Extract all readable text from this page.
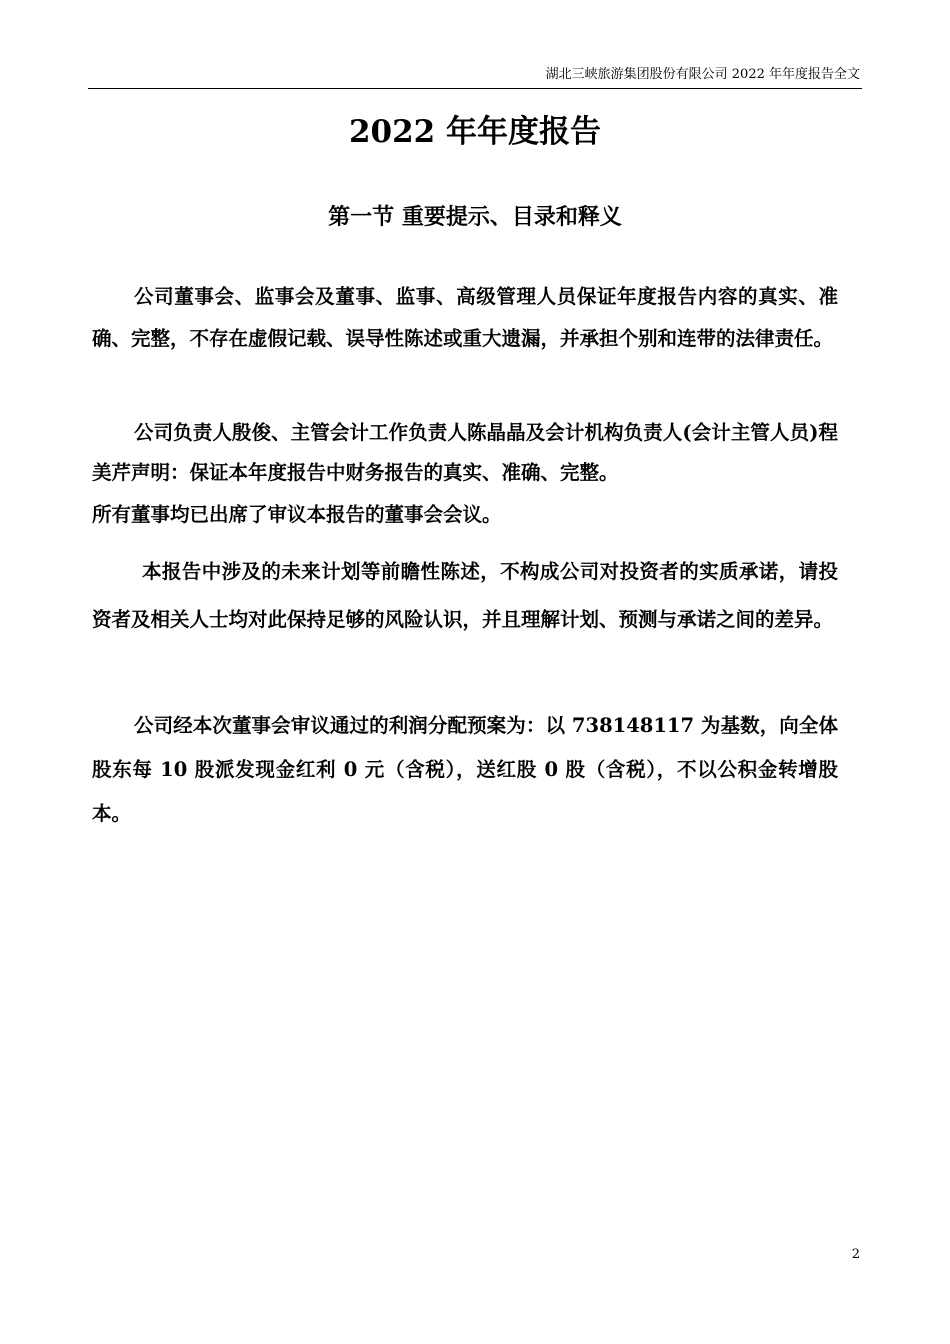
湖北三峡旅游集团股份有限公司 2022 年年度报告全文
2022 年年度报告
第一节 重要提示、目录和释义

公司董事会、监事会及董事、监事、高级管理人员保证年度报告内容的真实、准确、完整，不存在虚假记载、误导性陈述或重大遗漏，并承担个别和连带的法律责任。

公司负责人殷俊、主管会计工作负责人陈晶晶及会计机构负责人(会计主管人员)程美芹声明：保证本年度报告中财务报告的真实、准确、完整。

所有董事均已出席了审议本报告的董事会会议。

本报告中涉及的未来计划等前瞻性陈述，不构成公司对投资者的实质承诺，请投资者及相关人士均对此保持足够的风险认识，并且理解计划、预测与承诺之间的差异。

公司经本次董事会审议通过的利润分配预案为：以 738148117 为基数，向全体股东每 10 股派发现金红利 0 元（含税），送红股 0 股（含税），不以公积金转增股本。

2
